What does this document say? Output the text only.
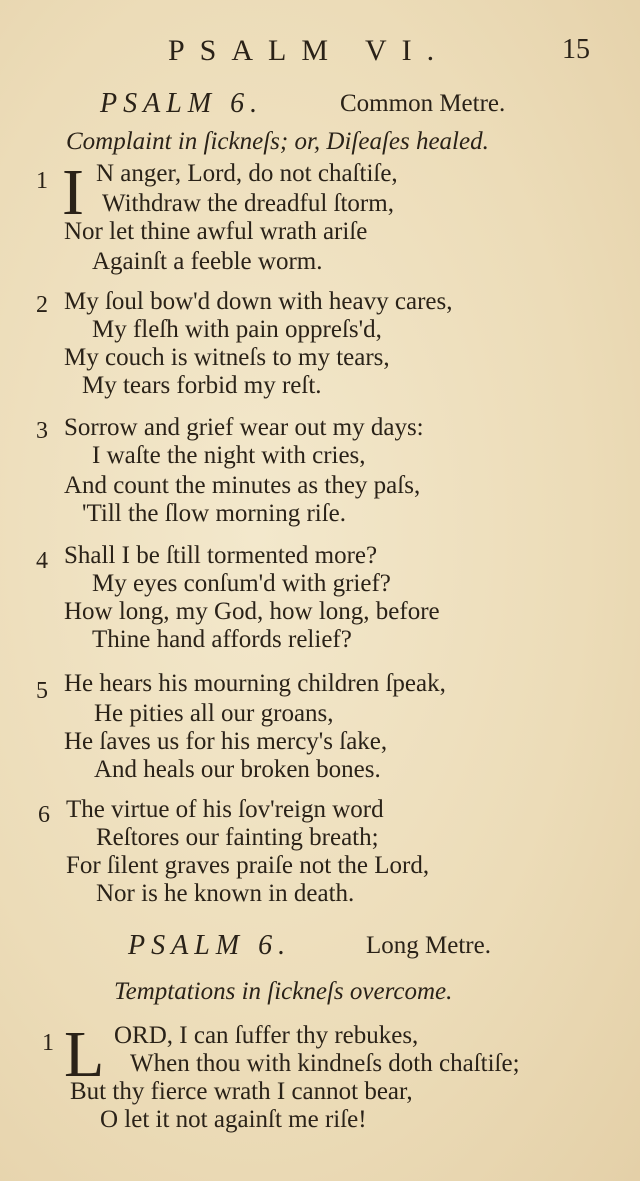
PSALM VI.	15
PSALM 6.	Common Metre.
Complaint in ſickneſs; or, Diſeaſes healed.
1 I N anger, Lord, do not chaſtiſe,
Withdraw the dreadful ſtorm,
Nor let thine awful wrath ariſe
Againſt a feeble worm.
2 My ſoul bow'd down with heavy cares,
My fleſh with pain oppreſs'd,
My couch is witneſs to my tears,
My tears forbid my reſt.
3 Sorrow and grief wear out my days:
I waſte the night with cries,
And count the minutes as they paſs,
'Till the ſlow morning riſe.
4 Shall I be ſtill tormented more?
My eyes conſum'd with grief?
How long, my God, how long, before
Thine hand affords relief?
5 He hears his mourning children ſpeak,
He pities all our groans,
He ſaves us for his mercy's ſake,
And heals our broken bones.
6 The virtue of his ſov'reign word
Reſtores our fainting breath;
For ſilent graves praiſe not the Lord,
Nor is he known in death.
PSALM 6.	Long Metre.
Temptations in ſickneſs overcome.
1 L ORD, I can ſuffer thy rebukes,
When thou with kindneſs doth chaſtiſe;
But thy fierce wrath I cannot bear,
O let it not againſt me riſe!
